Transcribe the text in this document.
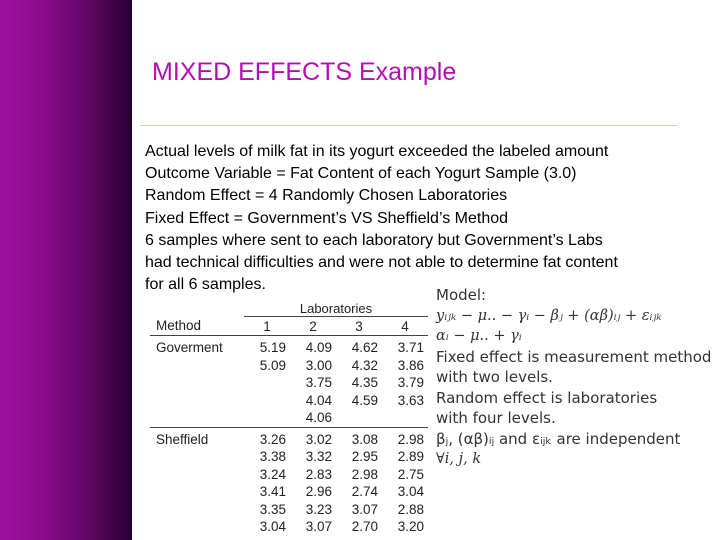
MIXED EFFECTS Example
Actual levels of milk fat in its yogurt exceeded the labeled amount
Outcome Variable = Fat Content of each Yogurt Sample (3.0)
Random Effect = 4 Randomly Chosen Laboratories
Fixed Effect = Government’s VS Sheffield’s Method
6 samples where sent to each laboratory but Government’s Labs
had technical difficulties and were not able to determine fat content
for all 6 samples.
	Laboratories			
Method	1	2	3	4
Goverment	5.19	4.09	4.62	3.71
	5.09	3.00	4.32	3.86
		3.75	4.35	3.79
		4.04	4.59	3.63
		4.06		
Sheffield	3.26	3.02	3.08	2.98
	3.38	3.32	2.95	2.89
	3.24	2.83	2.98	2.75
	3.41	2.96	2.74	3.04
	3.35	3.23	3.07	2.88
	3.04	3.07	2.70	3.20
Model:
yᵢⱼₖ − μ.. − γᵢ − βⱼ + (αβ)ᵢⱼ + εᵢⱼₖ
αᵢ − μ.. + γᵢ
Fixed effect is measurement method
with two levels.
Random effect is laboratories
with four levels.
βⱼ, (αβ)ᵢⱼ and εᵢⱼₖ are independent
∀i, j, k
